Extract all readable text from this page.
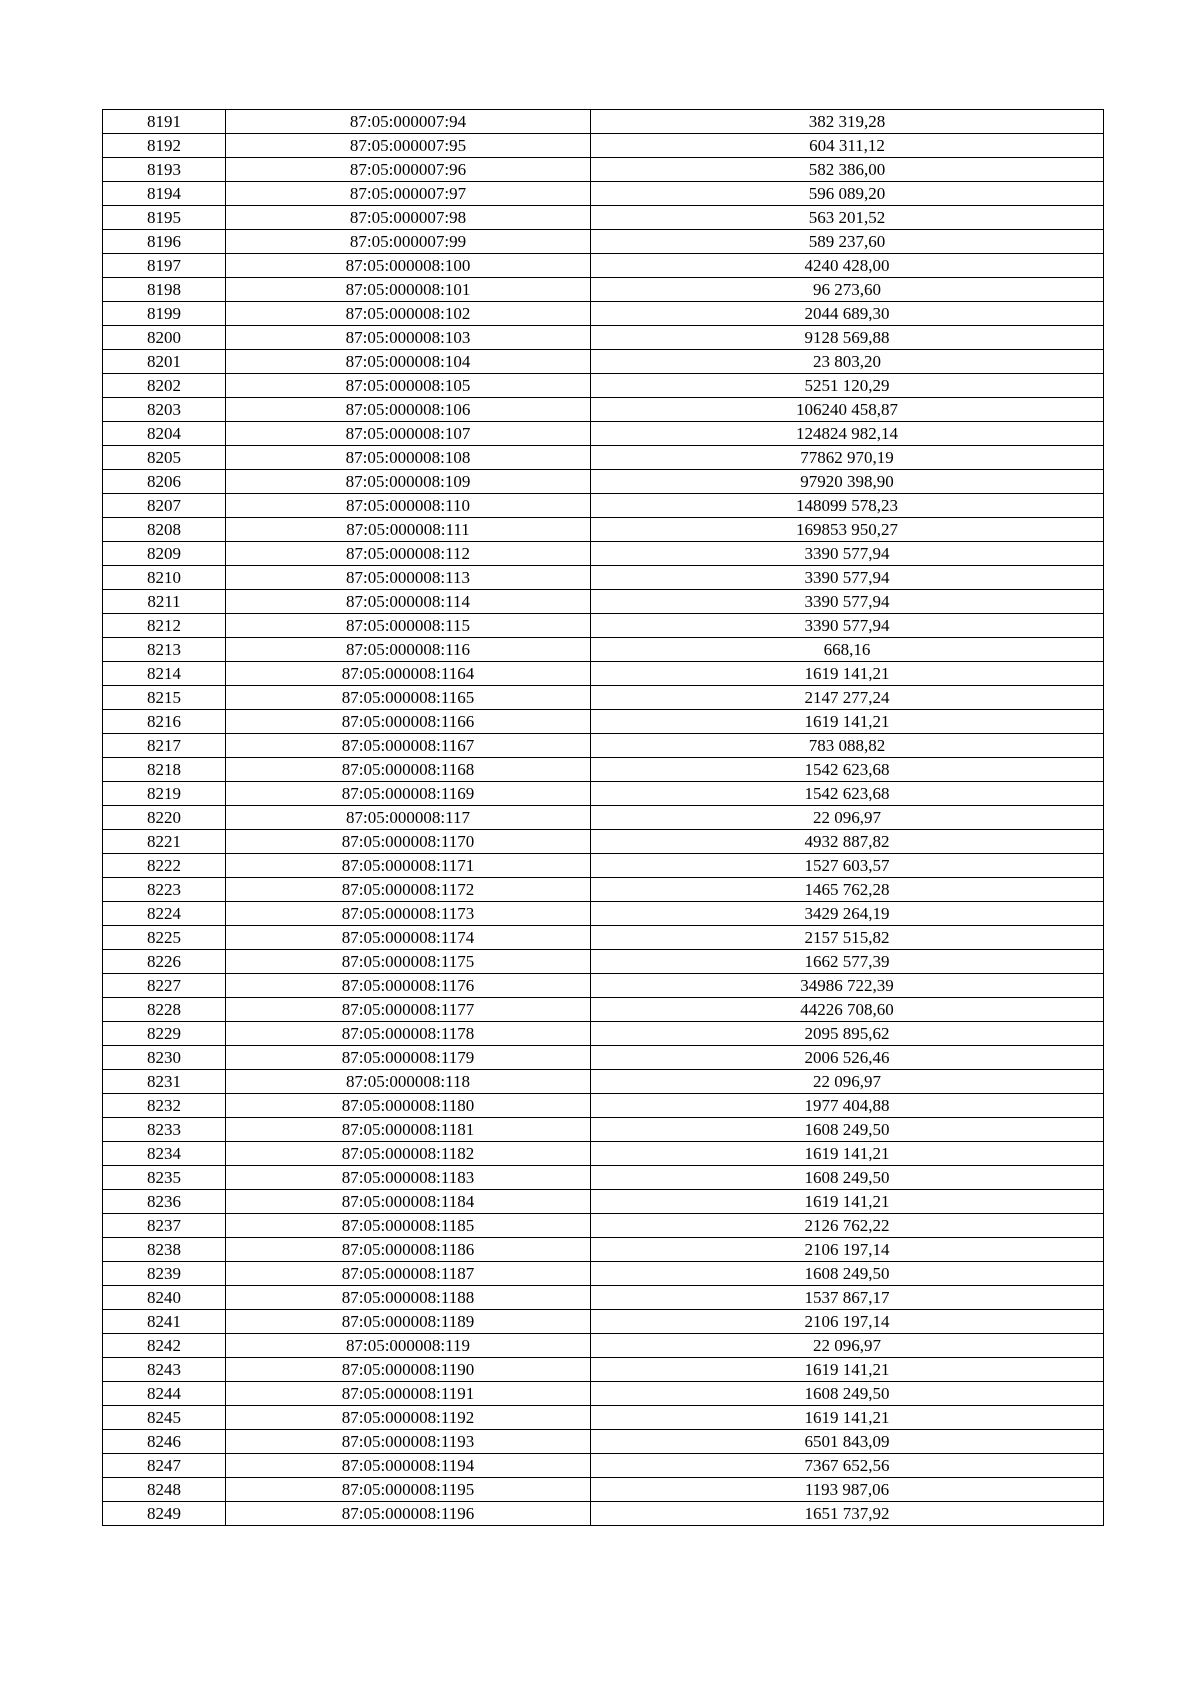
8191	87:05:000007:94	382 319,28
8192	87:05:000007:95	604 311,12
8193	87:05:000007:96	582 386,00
8194	87:05:000007:97	596 089,20
8195	87:05:000007:98	563 201,52
8196	87:05:000007:99	589 237,60
8197	87:05:000008:100	4240 428,00
8198	87:05:000008:101	96 273,60
8199	87:05:000008:102	2044 689,30
8200	87:05:000008:103	9128 569,88
8201	87:05:000008:104	23 803,20
8202	87:05:000008:105	5251 120,29
8203	87:05:000008:106	106240 458,87
8204	87:05:000008:107	124824 982,14
8205	87:05:000008:108	77862 970,19
8206	87:05:000008:109	97920 398,90
8207	87:05:000008:110	148099 578,23
8208	87:05:000008:111	169853 950,27
8209	87:05:000008:112	3390 577,94
8210	87:05:000008:113	3390 577,94
8211	87:05:000008:114	3390 577,94
8212	87:05:000008:115	3390 577,94
8213	87:05:000008:116	668,16
8214	87:05:000008:1164	1619 141,21
8215	87:05:000008:1165	2147 277,24
8216	87:05:000008:1166	1619 141,21
8217	87:05:000008:1167	783 088,82
8218	87:05:000008:1168	1542 623,68
8219	87:05:000008:1169	1542 623,68
8220	87:05:000008:117	22 096,97
8221	87:05:000008:1170	4932 887,82
8222	87:05:000008:1171	1527 603,57
8223	87:05:000008:1172	1465 762,28
8224	87:05:000008:1173	3429 264,19
8225	87:05:000008:1174	2157 515,82
8226	87:05:000008:1175	1662 577,39
8227	87:05:000008:1176	34986 722,39
8228	87:05:000008:1177	44226 708,60
8229	87:05:000008:1178	2095 895,62
8230	87:05:000008:1179	2006 526,46
8231	87:05:000008:118	22 096,97
8232	87:05:000008:1180	1977 404,88
8233	87:05:000008:1181	1608 249,50
8234	87:05:000008:1182	1619 141,21
8235	87:05:000008:1183	1608 249,50
8236	87:05:000008:1184	1619 141,21
8237	87:05:000008:1185	2126 762,22
8238	87:05:000008:1186	2106 197,14
8239	87:05:000008:1187	1608 249,50
8240	87:05:000008:1188	1537 867,17
8241	87:05:000008:1189	2106 197,14
8242	87:05:000008:119	22 096,97
8243	87:05:000008:1190	1619 141,21
8244	87:05:000008:1191	1608 249,50
8245	87:05:000008:1192	1619 141,21
8246	87:05:000008:1193	6501 843,09
8247	87:05:000008:1194	7367 652,56
8248	87:05:000008:1195	1193 987,06
8249	87:05:000008:1196	1651 737,92
